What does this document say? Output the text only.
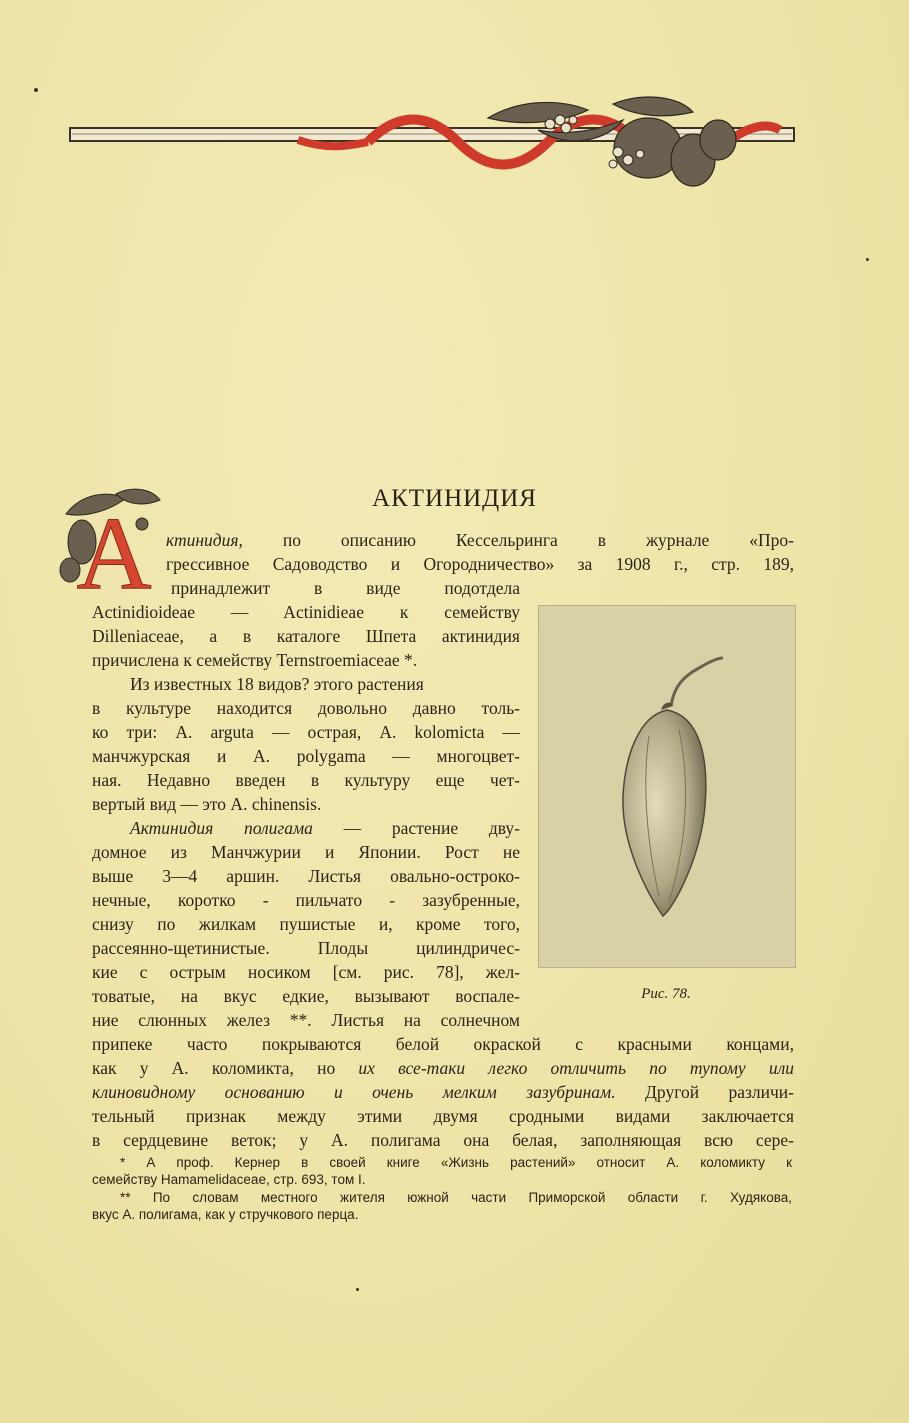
АКТИНИДИЯ
А ктинидия, по описанию Кессельринга в журнале «Про-
грессивное Садоводство и Огородничество» за 1908 г., стр. 189,
принадлежит в виде подотдела
Actinidioideae — Actinidieae к семейству
Dilleniaceae, а в каталоге Шпета актинидия
причислена к семейству Ternstroemiaceae *.
Из известных 18 видов? этого растения
в культуре находится довольно давно толь-
ко три: A. arguta — острая, A. kolomicta —
манчжурская и A. polygama — многоцвет-
ная. Недавно введен в культуру еще чет-
вертый вид — это A. chinensis.
Актинидия полигама — растение дву-
домное из Манчжурии и Японии. Рост не
выше 3—4 аршин. Листья овально-остроко-
нечные, коротко - пильчато - зазубренные,
снизу по жилкам пушистые и, кроме того,
рассеянно-щетинистые. Плоды цилиндричес-
кие с острым носиком [см. рис. 78], жел-
товатые, на вкус едкие, вызывают воспале-
ние слюнных желез **. Листья на солнечном
припеке часто покрываются белой окраской с красными концами,
как у A. коломикта, но их все-таки легко отличить по тупому или
клиновидному основанию и очень мелким зазубринам. Другой различи-
тельный признак между этими двумя сродными видами заключается
в сердцевине веток; у A. полигама она белая, заполняющая всю сере-
Рис. 78.
* А проф. Кернер в своей книге «Жизнь растений» относит А. коломикту к
семейству Hamamelidaceae, стр. 693, том I.
** По словам местного жителя южной части Приморской области г. Худякова,
вкус А. полигама, как у стручкового перца.
